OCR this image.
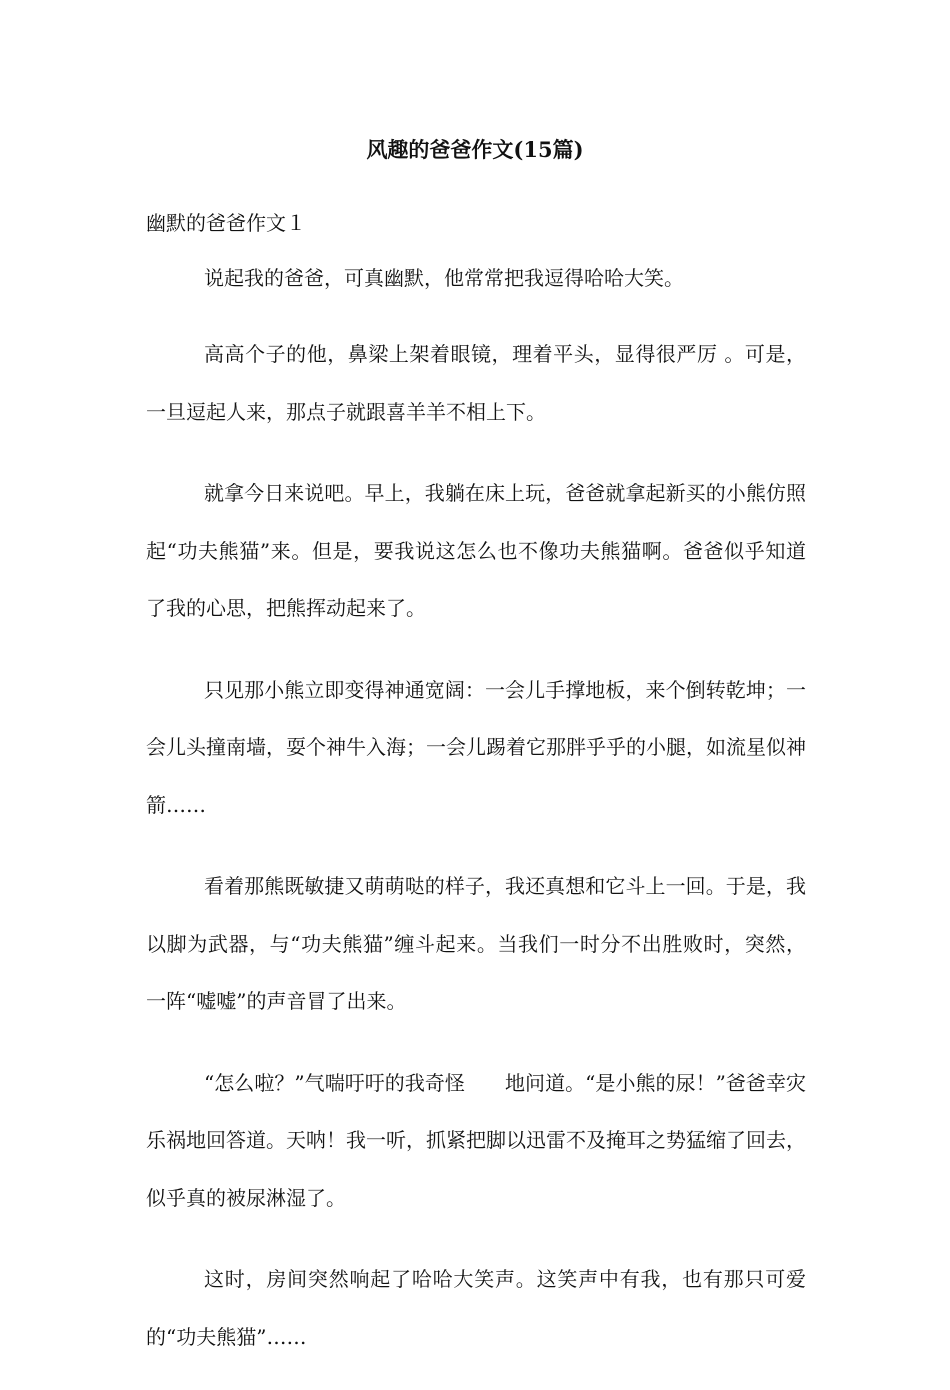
风趣的爸爸作文(15篇)

幽默的爸爸作文１

说起我的爸爸，可真幽默，他常常把我逗得哈哈大笑。

高高个子的他，鼻梁上架着眼镜，理着平头，显得很严厉 。可是，一旦逗起人来，那点子就跟喜羊羊不相上下。

就拿今日来说吧。早上，我躺在床上玩，爸爸就拿起新买的小熊仿照起“功夫熊猫”来。但是，要我说这怎么也不像功夫熊猫啊。爸爸似乎知道了我的心思，把熊挥动起来了。

只见那小熊立即变得神通宽阔：一会儿手撑地板，来个倒转乾坤；一会儿头撞南墙，耍个神牛入海；一会儿踢着它那胖乎乎的小腿，如流星似神箭……

看着那熊既敏捷又萌萌哒的样子，我还真想和它斗上一回。于是，我以脚为武器，与“功夫熊猫”缠斗起来。当我们一时分不出胜败时，突然，一阵“嘘嘘”的声音冒了出来。

“怎么啦？”气喘吁吁的我奇怪　　地问道。“是小熊的尿！”爸爸幸灾乐祸地回答道。天呐！我一听，抓紧把脚以迅雷不及掩耳之势猛缩了回去，似乎真的被尿淋湿了。

这时，房间突然响起了哈哈大笑声。这笑声中有我，也有那只可爱的“功夫熊猫”……
